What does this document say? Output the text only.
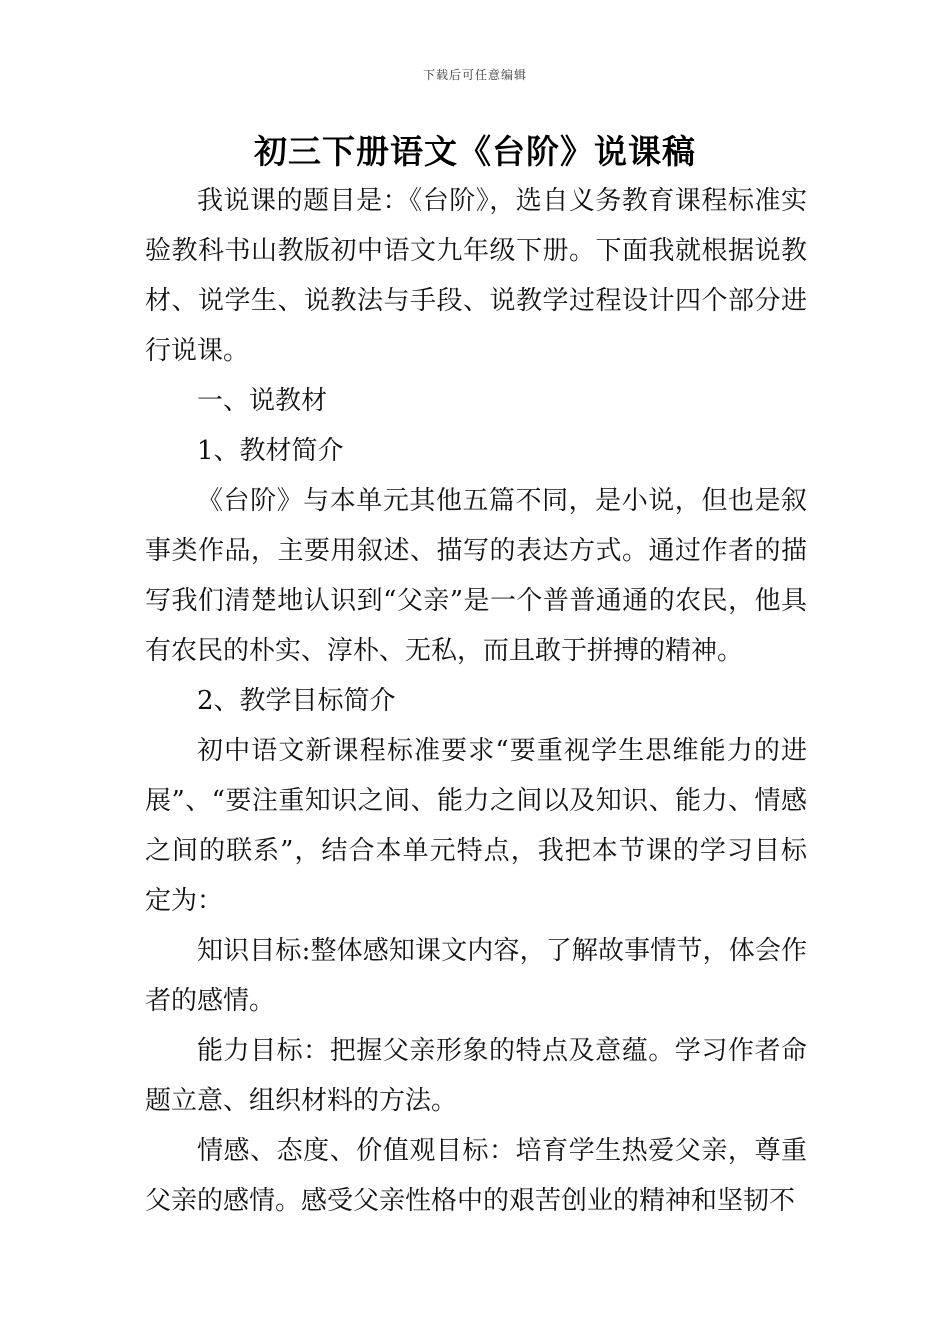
下载后可任意编辑
初三下册语文《台阶》说课稿

我说课的题目是：《台阶》，选自义务教育课程标准实验教科书山教版初中语文九年级下册。下面我就根据说教材、说学生、说教法与手段、说教学过程设计四个部分进行说课。

一、说教材

1、教材简介

《台阶》与本单元其他五篇不同，是小说，但也是叙事类作品，主要用叙述、描写的表达方式。通过作者的描写我们清楚地认识到“父亲”是一个普普通通的农民，他具有农民的朴实、淳朴、无私，而且敢于拼搏的精神。

2、教学目标简介

初中语文新课程标准要求“要重视学生思维能力的进展”、“要注重知识之间、能力之间以及知识、能力、情感之间的联系”，结合本单元特点，我把本节课的学习目标定为：

知识目标:整体感知课文内容，了解故事情节，体会作者的感情。

能力目标：把握父亲形象的特点及意蕴。学习作者命题立意、组织材料的方法。

情感、态度、价值观目标：培育学生热爱父亲，尊重父亲的感情。感受父亲性格中的艰苦创业的精神和坚韧不
